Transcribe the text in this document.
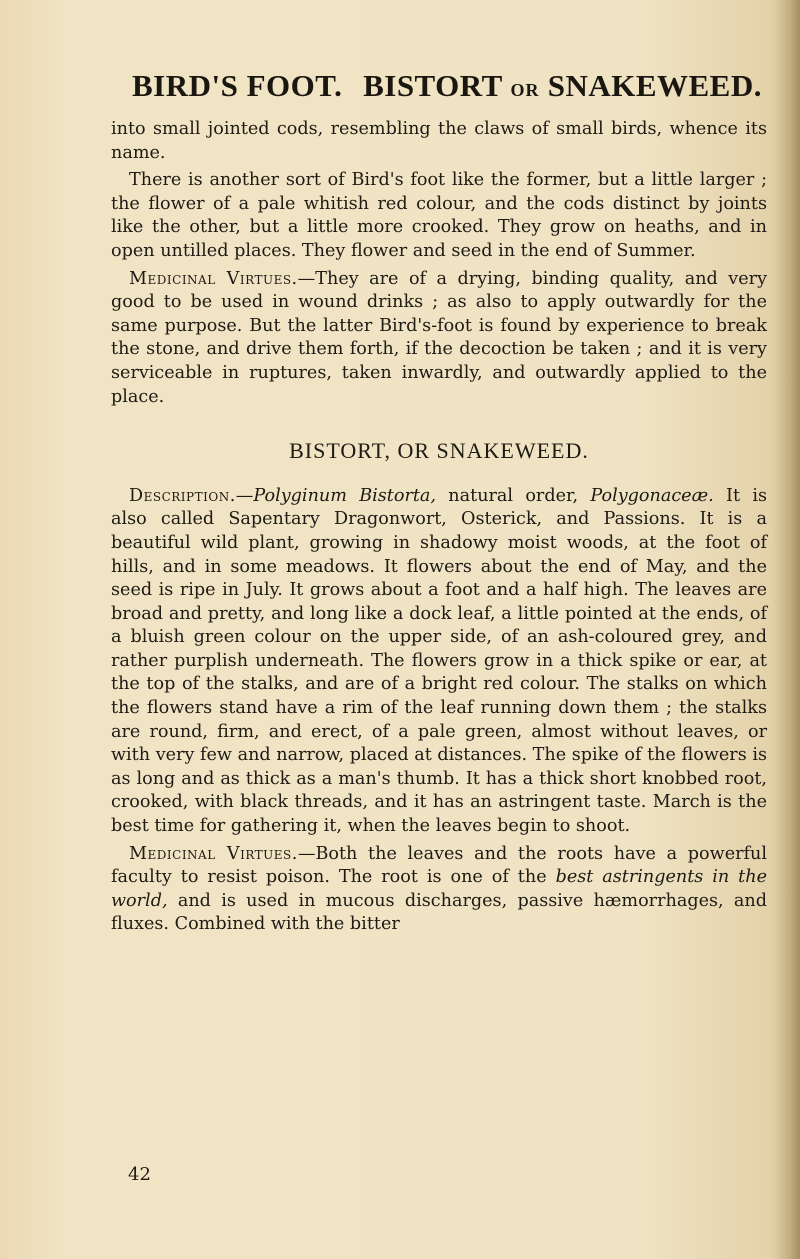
BIRD'S FOOT. BISTORT OR SNAKEWEED.

into small jointed cods, resembling the claws of small birds, whence its name.

There is another sort of Bird's foot like the former, but a little larger ; the flower of a pale whitish red colour, and the cods distinct by joints like the other, but a little more crooked. They grow on heaths, and in open untilled places. They flower and seed in the end of Summer.

Medicinal Virtues.—They are of a drying, binding quality, and very good to be used in wound drinks ; as also to apply outwardly for the same purpose. But the latter Bird's-foot is found by experience to break the stone, and drive them forth, if the decoction be taken ; and it is very serviceable in ruptures, taken inwardly, and outwardly applied to the place.

BISTORT, OR SNAKEWEED.

Description.—Polyginum Bistorta, natural order, Polygonaceæ. It is also called Sapentary Dragonwort, Osterick, and Passions. It is a beautiful wild plant, growing in shadowy moist woods, at the foot of hills, and in some meadows. It flowers about the end of May, and the seed is ripe in July. It grows about a foot and a half high. The leaves are broad and pretty, and long like a dock leaf, a little pointed at the ends, of a bluish green colour on the upper side, of an ash-coloured grey, and rather purplish underneath. The flowers grow in a thick spike or ear, at the top of the stalks, and are of a bright red colour. The stalks on which the flowers stand have a rim of the leaf running down them ; the stalks are round, firm, and erect, of a pale green, almost without leaves, or with very few and narrow, placed at distances. The spike of the flowers is as long and as thick as a man's thumb. It has a thick short knobbed root, crooked, with black threads, and it has an astringent taste. March is the best time for gathering it, when the leaves begin to shoot.

Medicinal Virtues.—Both the leaves and the roots have a powerful faculty to resist poison. The root is one of the best astringents in the world, and is used in mucous discharges, passive hæmorrhages, and fluxes. Combined with the bitter

42
